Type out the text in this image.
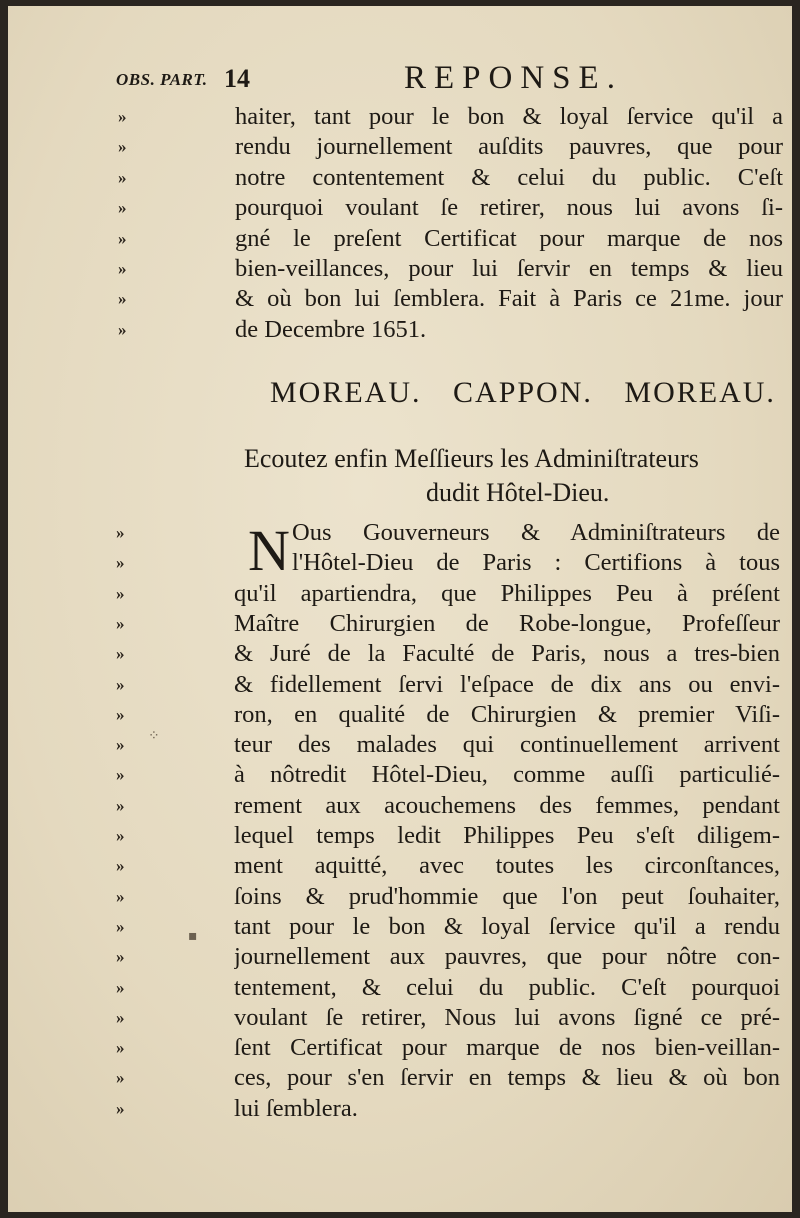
OBS. PART. 14	REPONSE.
»	haiter, tant pour le bon & loyal ſervice qu'il a
»	rendu journellement auſdits pauvres, que pour
»	notre contentement & celui du public. C'eſt
»	pourquoi voulant ſe retirer, nous lui avons ſi-
»	gné le preſent Certificat pour marque de nos
»	bien-veillances, pour lui ſervir en temps & lieu
»	& où bon lui ſemblera. Fait à Paris ce 21me. jour
»	de Decembre 1651.
MOREAU. CAPPON. MOREAU.
Ecoutez enfin Meſſieurs les Adminiſtrateurs
dudit Hôtel-Dieu.
N
»	Ous Gouverneurs & Adminiſtrateurs de
»	l'Hôtel-Dieu de Paris : Certifions à tous
»	qu'il apartiendra, que Philippes Peu à préſent
»	Maître Chirurgien de Robe-longue, Profeſſeur
»	& Juré de la Faculté de Paris, nous a tres-bien
»	& fidellement ſervi l'eſpace de dix ans ou envi-
»	ron, en qualité de Chirurgien & premier Viſi-
»	teur des malades qui continuellement arrivent
»	à nôtredit Hôtel-Dieu, comme auſſi particulié-
»	rement aux acouchemens des femmes, pendant
»	lequel temps ledit Philippes Peu s'eſt diligem-
»	ment aquitté, avec toutes les circonſtances,
»	ſoins & prud'hommie que l'on peut ſouhaiter,
»	tant pour le bon & loyal ſervice qu'il a rendu
»	journellement aux pauvres, que pour nôtre con-
»	tentement, & celui du public. C'eſt pourquoi
»	voulant ſe retirer, Nous lui avons ſigné ce pré-
»	ſent Certificat pour marque de nos bien-veillan-
»	ces, pour s'en ſervir en temps & lieu & où bon
»	lui ſemblera.
⁘
▪
